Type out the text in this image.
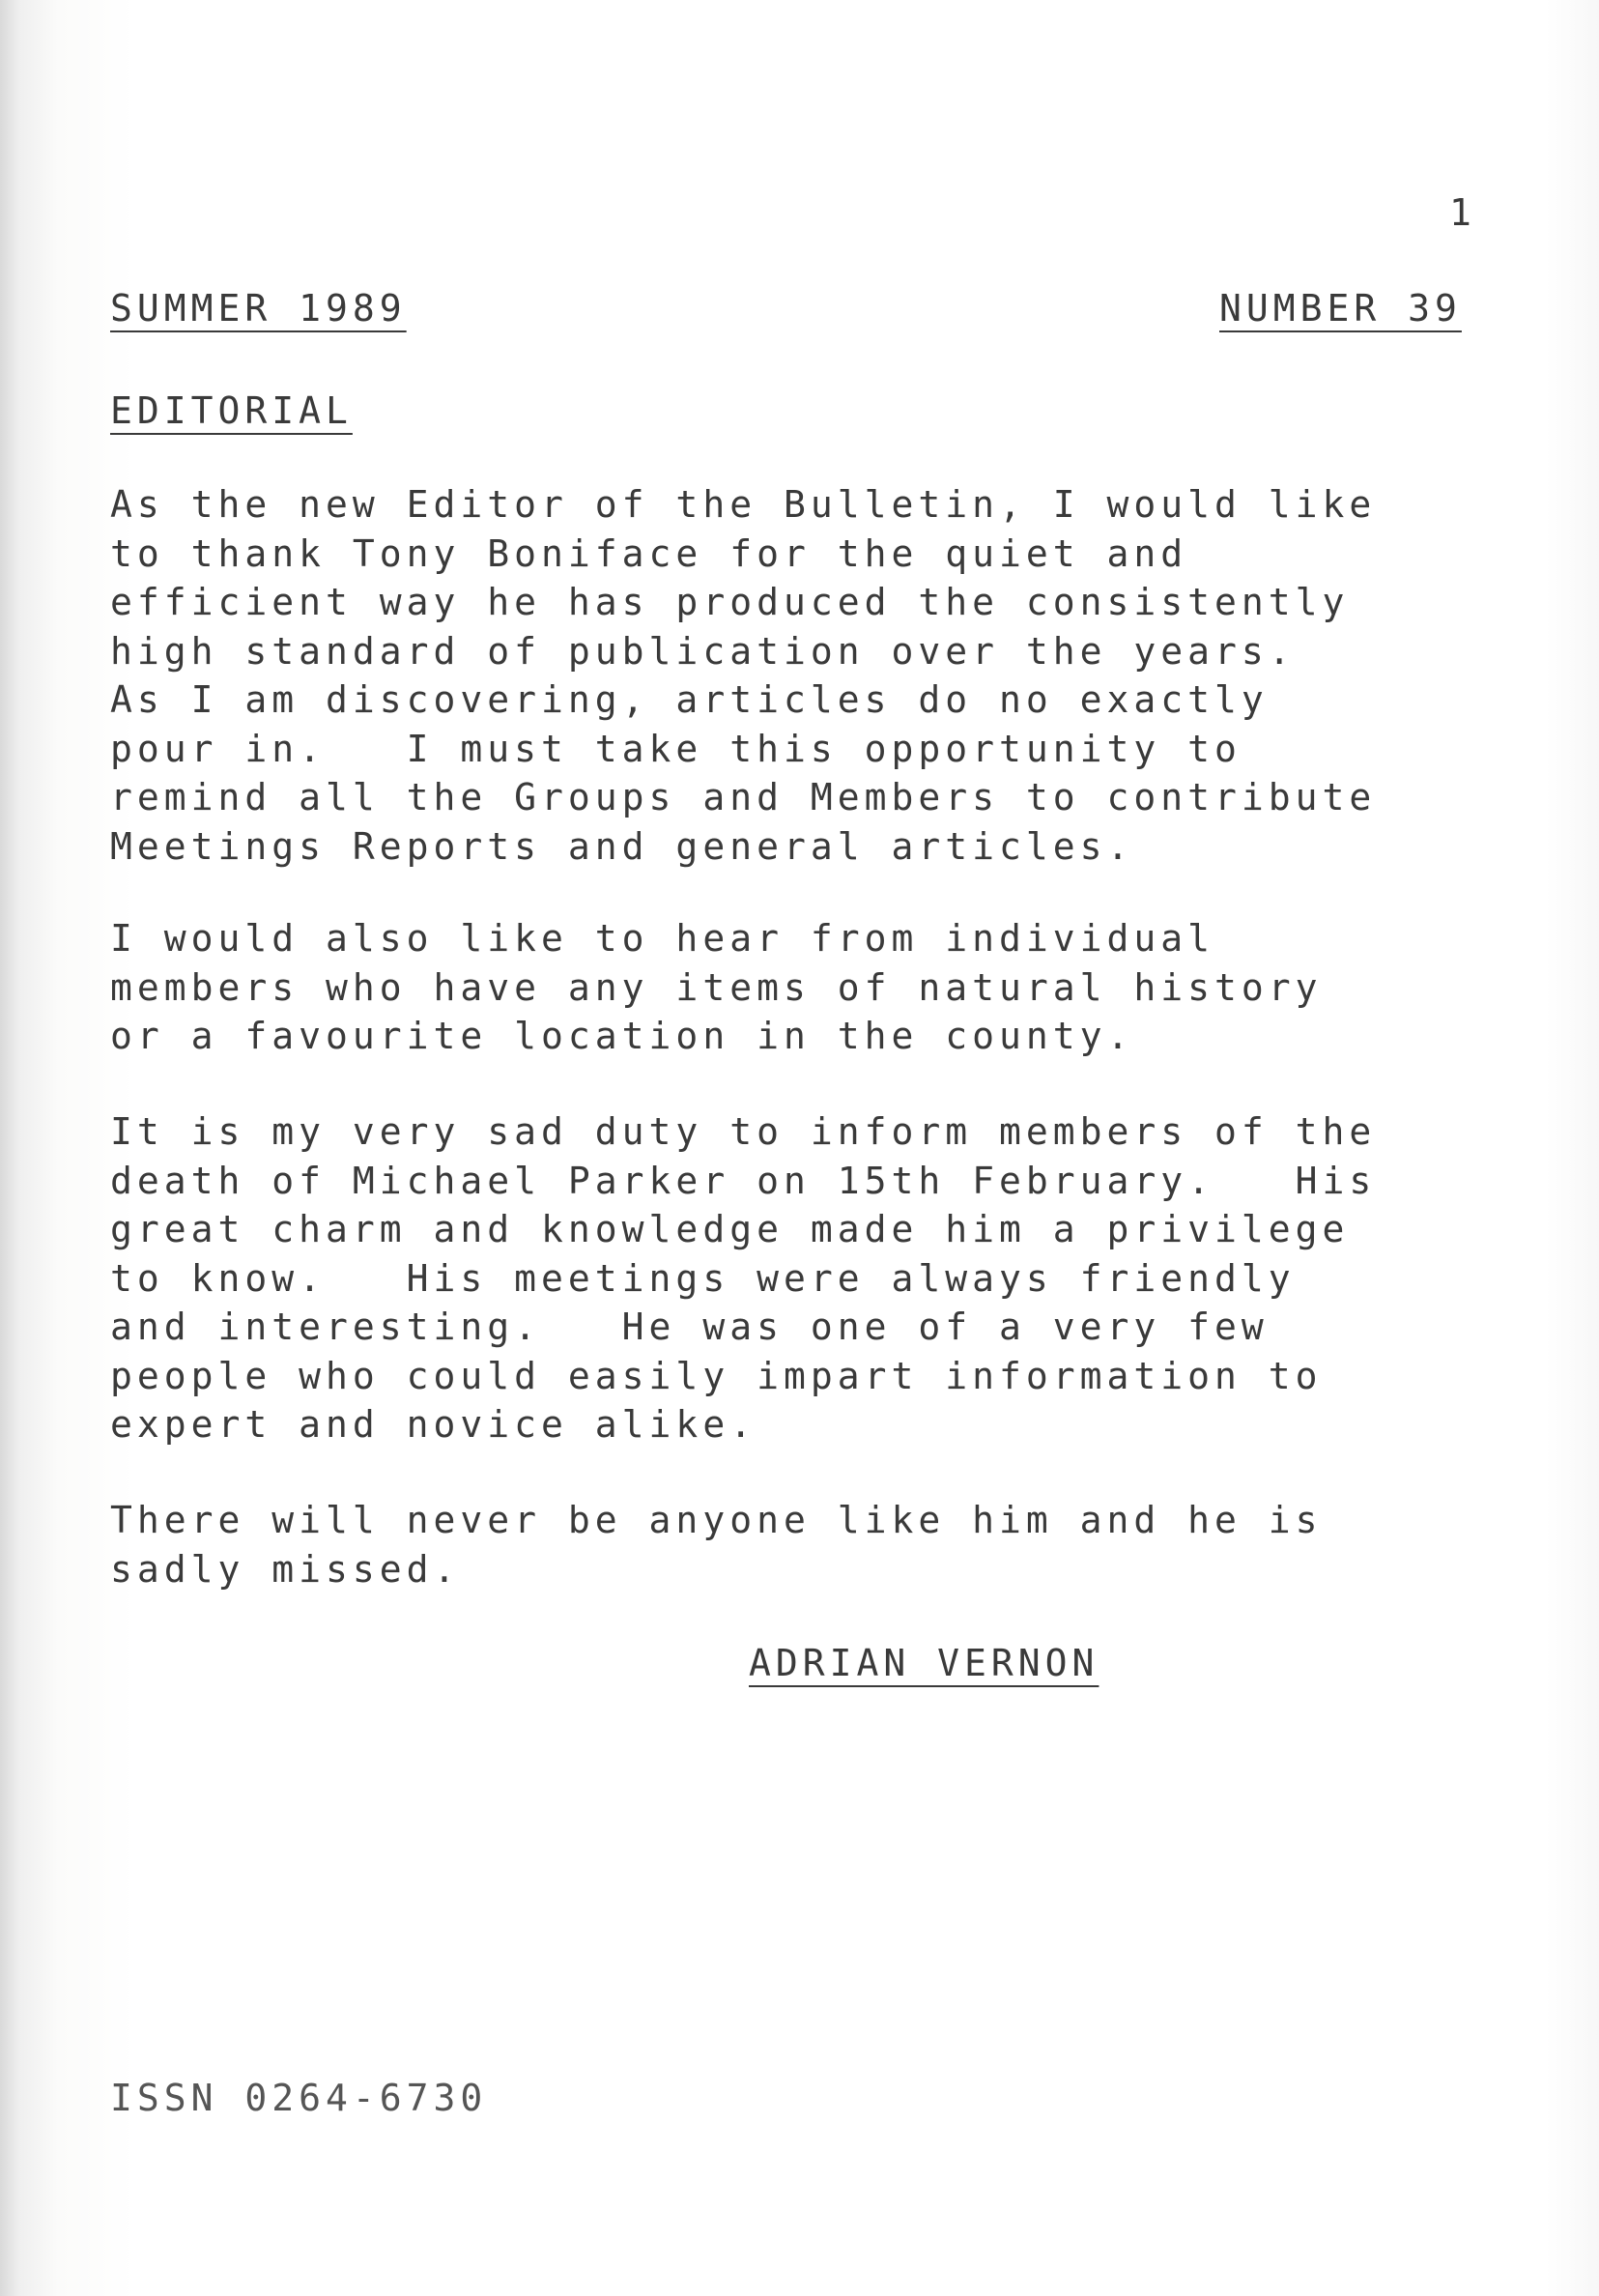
1
SUMMER 1989	NUMBER 39
EDITORIAL
As the new Editor of the Bulletin, I would like
to thank Tony Boniface for the quiet and
efficient way he has produced the consistently
high standard of publication over the years.
As I am discovering, articles do no exactly
pour in.   I must take this opportunity to
remind all the Groups and Members to contribute
Meetings Reports and general articles.
I would also like to hear from individual
members who have any items of natural history
or a favourite location in the county.
It is my very sad duty to inform members of the
death of Michael Parker on 15th February.   His
great charm and knowledge made him a privilege
to know.   His meetings were always friendly
and interesting.   He was one of a very few
people who could easily impart information to
expert and novice alike.
There will never be anyone like him and he is
sadly missed.
ADRIAN VERNON
ISSN 0264-6730
